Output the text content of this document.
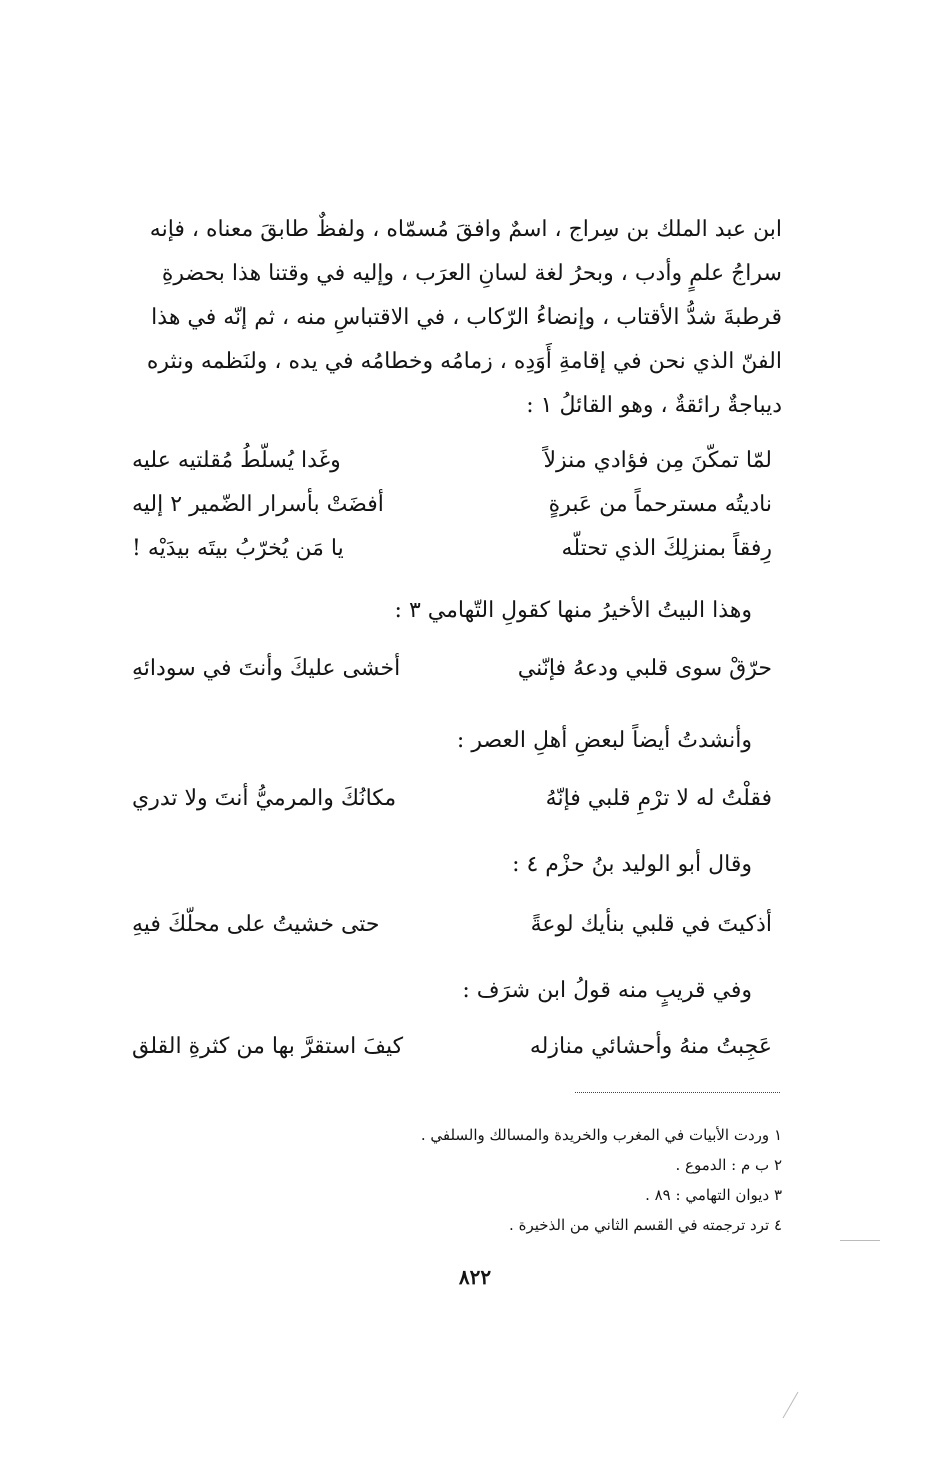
ابن عبد الملك بن سِراج ، اسمٌ وافقَ مُسمّاه ، ولفظٌ طابقَ معناه ، فإنه

سراجُ علمٍ وأدب ، وبحرُ لغة لسانِ العرَب ، وإليه في وقتنا هذا بحضرةِ

قرطبةَ شدُّ الأقتاب ، وإنضاءُ الرّكاب ، في الاقتباسِ منه ، ثم إنّه في هذا

الفنّ الذي نحن في إقامةِ أَوَدِه ، زمامُه وخطامُه في يده ، ولنَظمه ونثره

ديباجةٌ رائقةٌ ، وهو القائلُ ١ :

لمّا تمكّنَ مِن فؤادي منزلاً
وغَدا يُسلّطُ مُقلتيه عليه
ناديتُه مسترحماً من عَبرةٍ
أفضَتْ بأسرار الضّمير ٢ إليه
رِفقاً بمنزلِكَ الذي تحتلّه
يا مَن يُخرّبُ بيتَه بيدَيْه !
وهذا البيتُ الأخيرُ منها كقولِ التّهامي ٣ :
حرّقْ سوى قلبي ودعهُ فإنّني
أخشى عليكَ وأنتَ في سودائهِ
وأنشدتُ أيضاً لبعضِ أهلِ العصر :
فقلْتُ له لا ترْمِ قلبي فإنّهُ
مكانُكَ والمرميُّ أنتَ ولا تدري
وقال أبو الوليد بنُ حزْم ٤ :
أذكيتَ في قلبي بنأيك لوعةً
حتى خشيتُ على محلّكَ فيهِ
وفي قريبٍ منه قولُ ابن شرَف :
عَجِبتُ منهُ وأحشائي منازله
كيفَ استقرَّ بها من كثرةِ القلق
١ وردت الأبيات في المغرب والخريدة والمسالك والسلفي .
٢ ب م : الدموع .
٣ ديوان التهامي : ٨٩ .
٤ ترد ترجمته في القسم الثاني من الذخيرة .
٨٢٢
